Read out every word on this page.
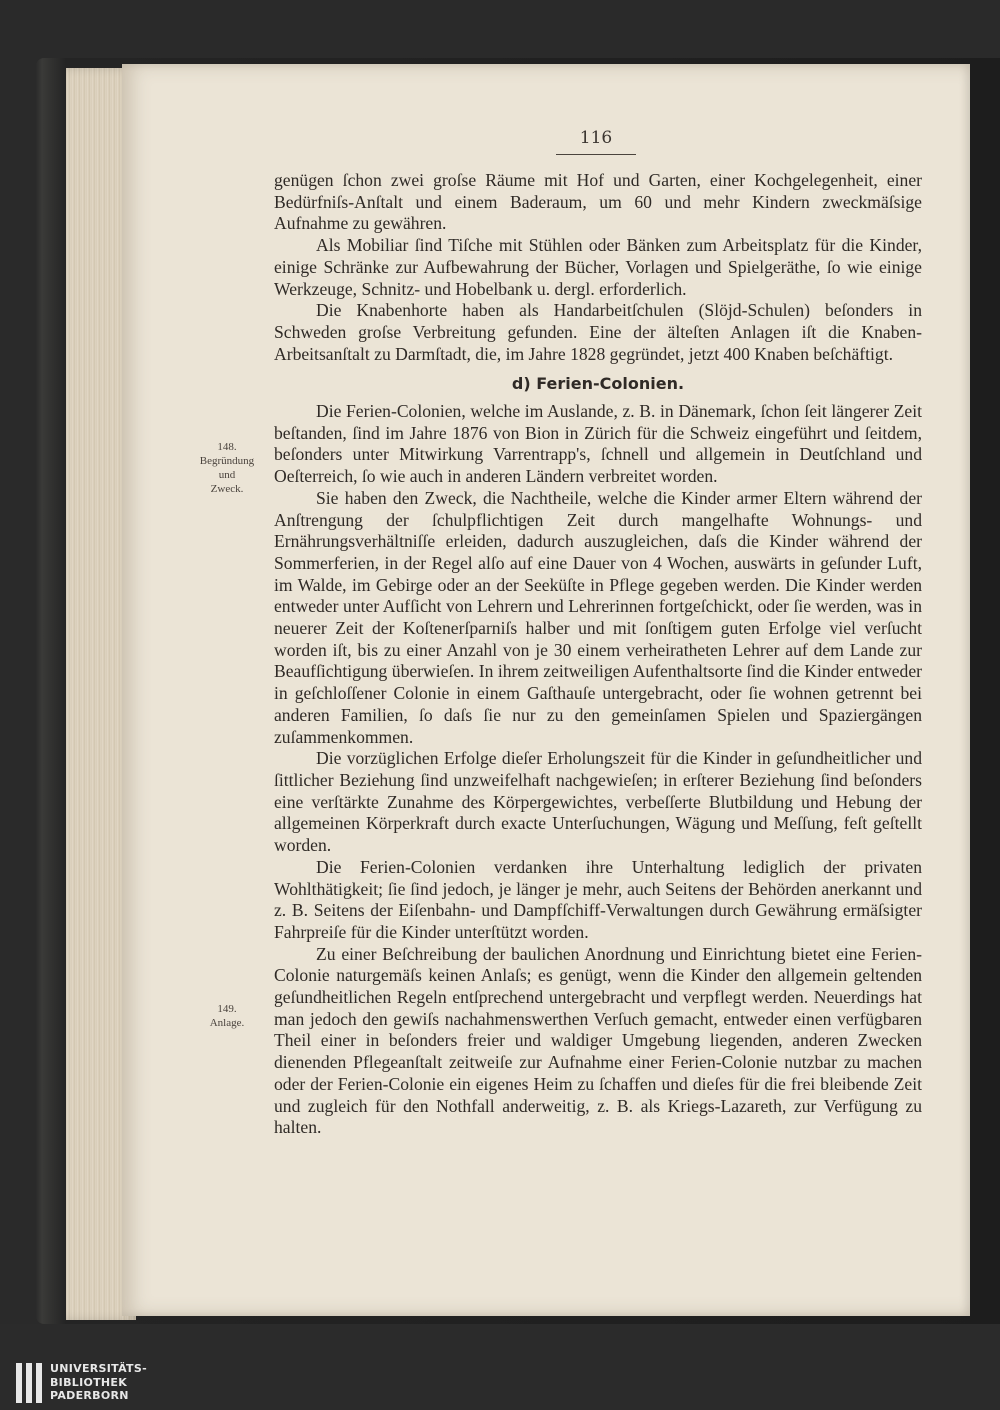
116
148.
Begründung
und
Zweck.
149.
Anlage.

genügen ſchon zwei groſse Räume mit Hof und Garten, einer Kochgelegenheit, einer Bedürfniſs-Anſtalt und einem Baderaum, um 60 und mehr Kindern zweckmäſsige Aufnahme zu gewähren.

Als Mobiliar ſind Tiſche mit Stühlen oder Bänken zum Arbeitsplatz für die Kinder, einige Schränke zur Aufbewahrung der Bücher, Vorlagen und Spielgeräthe, ſo wie einige Werkzeuge, Schnitz- und Hobelbank u. dergl. erforderlich.

Die Knabenhorte haben als Handarbeitſchulen (Slöjd-Schulen) beſonders in Schweden groſse Verbreitung gefunden. Eine der älteſten Anlagen iſt die Knaben-Arbeitsanſtalt zu Darmſtadt, die, im Jahre 1828 gegründet, jetzt 400 Knaben beſchäftigt.

d) Ferien-Colonien.

Die Ferien-Colonien, welche im Auslande, z. B. in Dänemark, ſchon ſeit längerer Zeit beſtanden, ſind im Jahre 1876 von Bion in Zürich für die Schweiz eingeführt und ſeitdem, beſonders unter Mitwirkung Varrentrapp's, ſchnell und allgemein in Deutſchland und Oeſterreich, ſo wie auch in anderen Ländern verbreitet worden.

Sie haben den Zweck, die Nachtheile, welche die Kinder armer Eltern während der Anſtrengung der ſchulpflichtigen Zeit durch mangelhafte Wohnungs- und Ernährungsverhältniſſe erleiden, dadurch auszugleichen, daſs die Kinder während der Sommerferien, in der Regel alſo auf eine Dauer von 4 Wochen, auswärts in geſunder Luft, im Walde, im Gebirge oder an der Seeküſte in Pflege gegeben werden. Die Kinder werden entweder unter Aufſicht von Lehrern und Lehrerinnen fortgeſchickt, oder ſie werden, was in neuerer Zeit der Koſtenerſparniſs halber und mit ſonſtigem guten Erfolge viel verſucht worden iſt, bis zu einer Anzahl von je 30 einem verheiratheten Lehrer auf dem Lande zur Beaufſichtigung überwieſen. In ihrem zeitweiligen Aufenthaltsorte ſind die Kinder entweder in geſchloſſener Colonie in einem Gaſthauſe untergebracht, oder ſie wohnen getrennt bei anderen Familien, ſo daſs ſie nur zu den gemeinſamen Spielen und Spaziergängen zuſammenkommen.

Die vorzüglichen Erfolge dieſer Erholungszeit für die Kinder in geſundheitlicher und ſittlicher Beziehung ſind unzweifelhaft nachgewieſen; in erſterer Beziehung ſind beſonders eine verſtärkte Zunahme des Körpergewichtes, verbeſſerte Blutbildung und Hebung der allgemeinen Körperkraft durch exacte Unterſuchungen, Wägung und Meſſung, feſt geſtellt worden.

Die Ferien-Colonien verdanken ihre Unterhaltung lediglich der privaten Wohlthätigkeit; ſie ſind jedoch, je länger je mehr, auch Seitens der Behörden anerkannt und z. B. Seitens der Eiſenbahn- und Dampfſchiff-Verwaltungen durch Gewährung ermäſsigter Fahrpreiſe für die Kinder unterſtützt worden.

Zu einer Beſchreibung der baulichen Anordnung und Einrichtung bietet eine Ferien-Colonie naturgemäſs keinen Anlaſs; es genügt, wenn die Kinder den allgemein geltenden geſundheitlichen Regeln entſprechend untergebracht und verpflegt werden. Neuerdings hat man jedoch den gewiſs nachahmenswerthen Verſuch gemacht, entweder einen verfügbaren Theil einer in beſonders freier und waldiger Umgebung liegenden, anderen Zwecken dienenden Pflegeanſtalt zeitweiſe zur Aufnahme einer Ferien-Colonie nutzbar zu machen oder der Ferien-Colonie ein eigenes Heim zu ſchaffen und dieſes für die frei bleibende Zeit und zugleich für den Nothfall anderweitig, z. B. als Kriegs-Lazareth, zur Verfügung zu halten.

UNIVERSITÄTS-
BIBLIOTHEK
PADERBORN
